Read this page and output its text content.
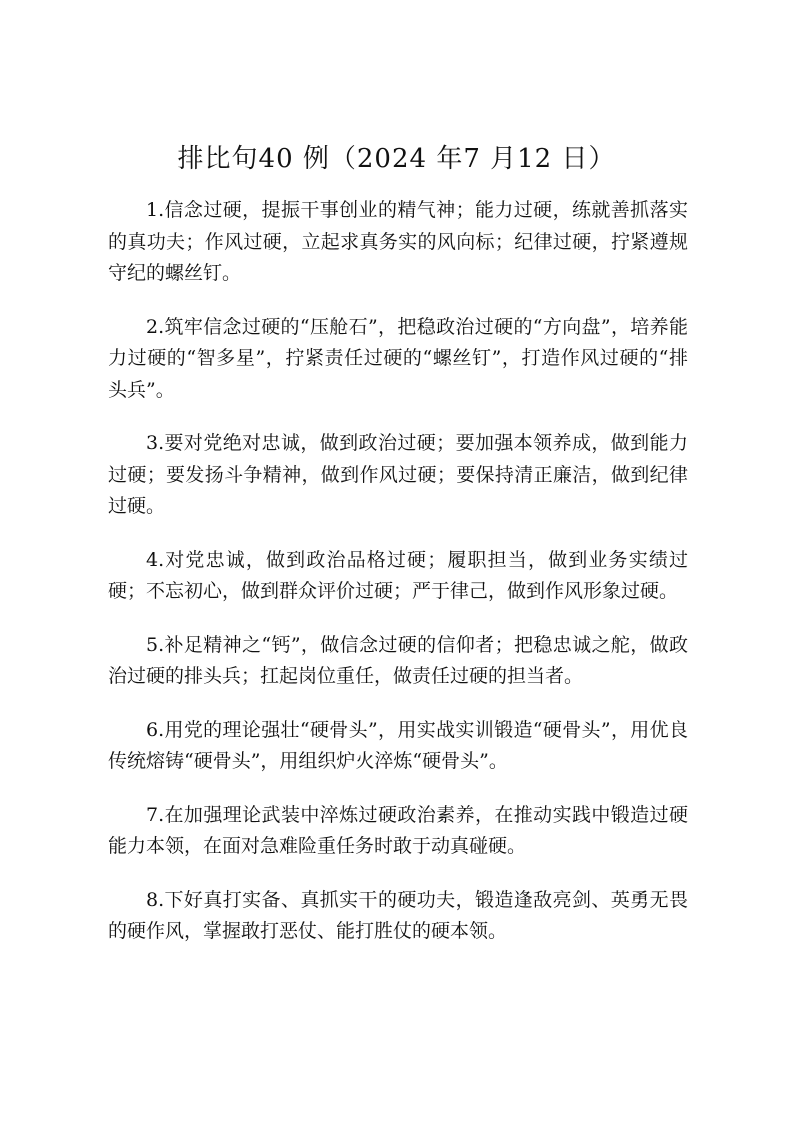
排比句40 例（2024 年7 月12 日）

1.信念过硬，提振干事创业的精气神；能力过硬，练就善抓落实的真功夫；作风过硬，立起求真务实的风向标；纪律过硬，拧紧遵规守纪的螺丝钉。

2.筑牢信念过硬的“压舱石”，把稳政治过硬的“方向盘”，培养能力过硬的“智多星”，拧紧责任过硬的“螺丝钉”，打造作风过硬的“排头兵”。

3.要对党绝对忠诚，做到政治过硬；要加强本领养成，做到能力过硬；要发扬斗争精神，做到作风过硬；要保持清正廉洁，做到纪律过硬。

4.对党忠诚，做到政治品格过硬；履职担当，做到业务实绩过硬；不忘初心，做到群众评价过硬；严于律己，做到作风形象过硬。

5.补足精神之“钙”，做信念过硬的信仰者；把稳忠诚之舵，做政治过硬的排头兵；扛起岗位重任，做责任过硬的担当者。

6.用党的理论强壮“硬骨头”，用实战实训锻造“硬骨头”，用优良传统熔铸“硬骨头”，用组织炉火淬炼“硬骨头”。

7.在加强理论武装中淬炼过硬政治素养，在推动实践中锻造过硬能力本领，在面对急难险重任务时敢于动真碰硬。

8.下好真打实备、真抓实干的硬功夫，锻造逢敌亮剑、英勇无畏的硬作风，掌握敢打恶仗、能打胜仗的硬本领。
